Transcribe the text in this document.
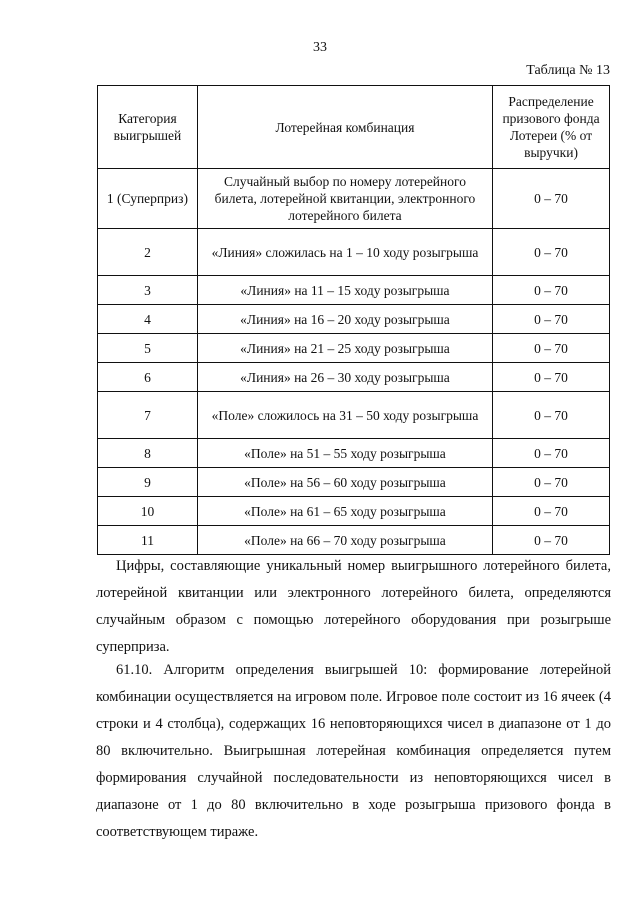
33
Таблица № 13
Категория выигрышей	Лотерейная комбинация	Распределение призового фонда Лотереи (% от выручки)
1 (Суперприз)	Случайный выбор по номеру лотерейного билета, лотерейной квитанции, электронного лотерейного билета	0 – 70
2	«Линия» сложилась на 1 – 10 ходу розыгрыша	0 – 70
3	«Линия» на 11 – 15 ходу розыгрыша	0 – 70
4	«Линия» на 16 – 20 ходу розыгрыша	0 – 70
5	«Линия» на 21 – 25 ходу розыгрыша	0 – 70
6	«Линия» на 26 – 30 ходу розыгрыша	0 – 70
7	«Поле» сложилось на 31 – 50 ходу розыгрыша	0 – 70
8	«Поле» на 51 – 55 ходу розыгрыша	0 – 70
9	«Поле» на 56 – 60 ходу розыгрыша	0 – 70
10	«Поле» на 61 – 65 ходу розыгрыша	0 – 70
11	«Поле» на 66 – 70 ходу розыгрыша	0 – 70

Цифры, составляющие уникальный номер выигрышного лотерейного билета, лотерейной квитанции или электронного лотерейного билета, определяются случайным образом с помощью лотерейного оборудования при розыгрыше суперприза.

61.10. Алгоритм определения выигрышей 10: формирование лотерейной комбинации осуществляется на игровом поле. Игровое поле состоит из 16 ячеек (4 строки и 4 столбца), содержащих 16 неповторяющихся чисел в диапазоне от 1 до 80 включительно. Выигрышная лотерейная комбинация определяется путем формирования случайной последовательности из неповторяющихся чисел в диапазоне от 1 до 80 включительно в ходе розыгрыша призового фонда в соответствующем тираже.
